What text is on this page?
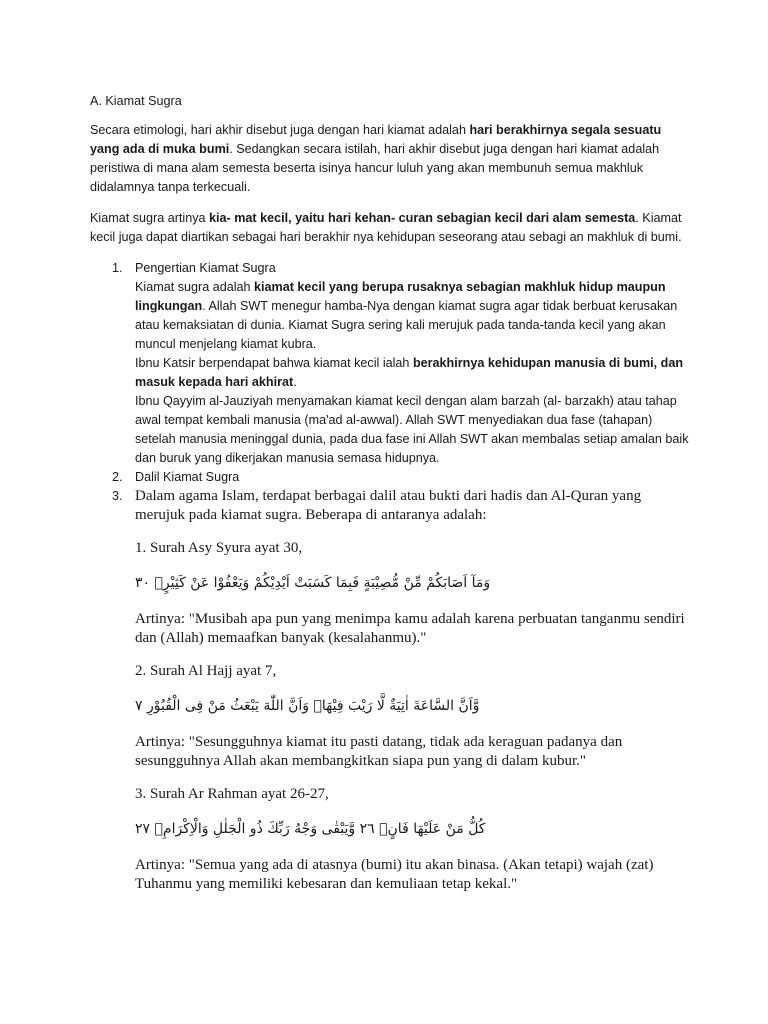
A. Kiamat Sugra

Secara etimologi, hari akhir disebut juga dengan hari kiamat adalah hari berakhirnya segala sesuatu yang ada di muka bumi. Sedangkan secara istilah, hari akhir disebut juga dengan hari kiamat adalah peristiwa di mana alam semesta beserta isinya hancur luluh yang akan membunuh semua makhluk didalamnya tanpa terkecuali.

Kiamat sugra artinya kia- mat kecil, yaitu hari kehan- curan sebagian kecil dari alam semesta. Kiamat kecil juga dapat diartikan sebagai hari berakhir nya kehidupan seseorang atau sebagi an makhluk di bumi.

1. Pengertian Kiamat Sugra

Kiamat sugra adalah kiamat kecil yang berupa rusaknya sebagian makhluk hidup maupun lingkungan. Allah SWT menegur hamba-Nya dengan kiamat sugra agar tidak berbuat kerusakan atau kemaksiatan di dunia. Kiamat Sugra sering kali merujuk pada tanda-tanda kecil yang akan muncul menjelang kiamat kubra.

Ibnu Katsir berpendapat bahwa kiamat kecil ialah berakhirnya kehidupan manusia di bumi, dan masuk kepada hari akhirat.

Ibnu Qayyim al-Jauziyah menyamakan kiamat kecil dengan alam barzah (al- barzakh) atau tahap awal tempat kembali manusia (ma'ad al-awwal). Allah SWT menyediakan dua fase (tahapan) setelah manusia meninggal dunia, pada dua fase ini Allah SWT akan membalas setiap amalan baik dan buruk yang dikerjakan manusia semasa hidupnya.

2. Dalil Kiamat Sugra

3. Dalam agama Islam, terdapat berbagai dalil atau bukti dari hadis dan Al-Quran yang merujuk pada kiamat sugra. Beberapa di antaranya adalah:

1. Surah Asy Syura ayat 30,

وَمَآ اَصَابَكُمْ مِّنْ مُّصِيْبَةٍ فَبِمَا كَسَبَتْ اَيْدِيْكُمْ وَيَعْفُوْا عَنْ كَثِيْرٍۗ ٣٠

Artinya: "Musibah apa pun yang menimpa kamu adalah karena perbuatan tanganmu sendiri dan (Allah) memaafkan banyak (kesalahanmu)."

2. Surah Al Hajj ayat 7,

وَّاَنَّ السَّاعَةَ اٰتِيَةٌ لَّا رَيْبَ فِيْهَاۙ وَاَنَّ اللّٰهَ يَبْعَثُ مَنْ فِى الْقُبُوْرِ ٧

Artinya: "Sesungguhnya kiamat itu pasti datang, tidak ada keraguan padanya dan sesungguhnya Allah akan membangkitkan siapa pun yang di dalam kubur."

3. Surah Ar Rahman ayat 26-27,

كُلُّ مَنْ عَلَيْهَا فَانٍۖ ٢٦ وَّيَبْقٰى وَجْهُ رَبِّكَ ذُو الْجَلٰلِ وَالْاِكْرَامِۚ ٢٧

Artinya: "Semua yang ada di atasnya (bumi) itu akan binasa. (Akan tetapi) wajah (zat) Tuhanmu yang memiliki kebesaran dan kemuliaan tetap kekal."
